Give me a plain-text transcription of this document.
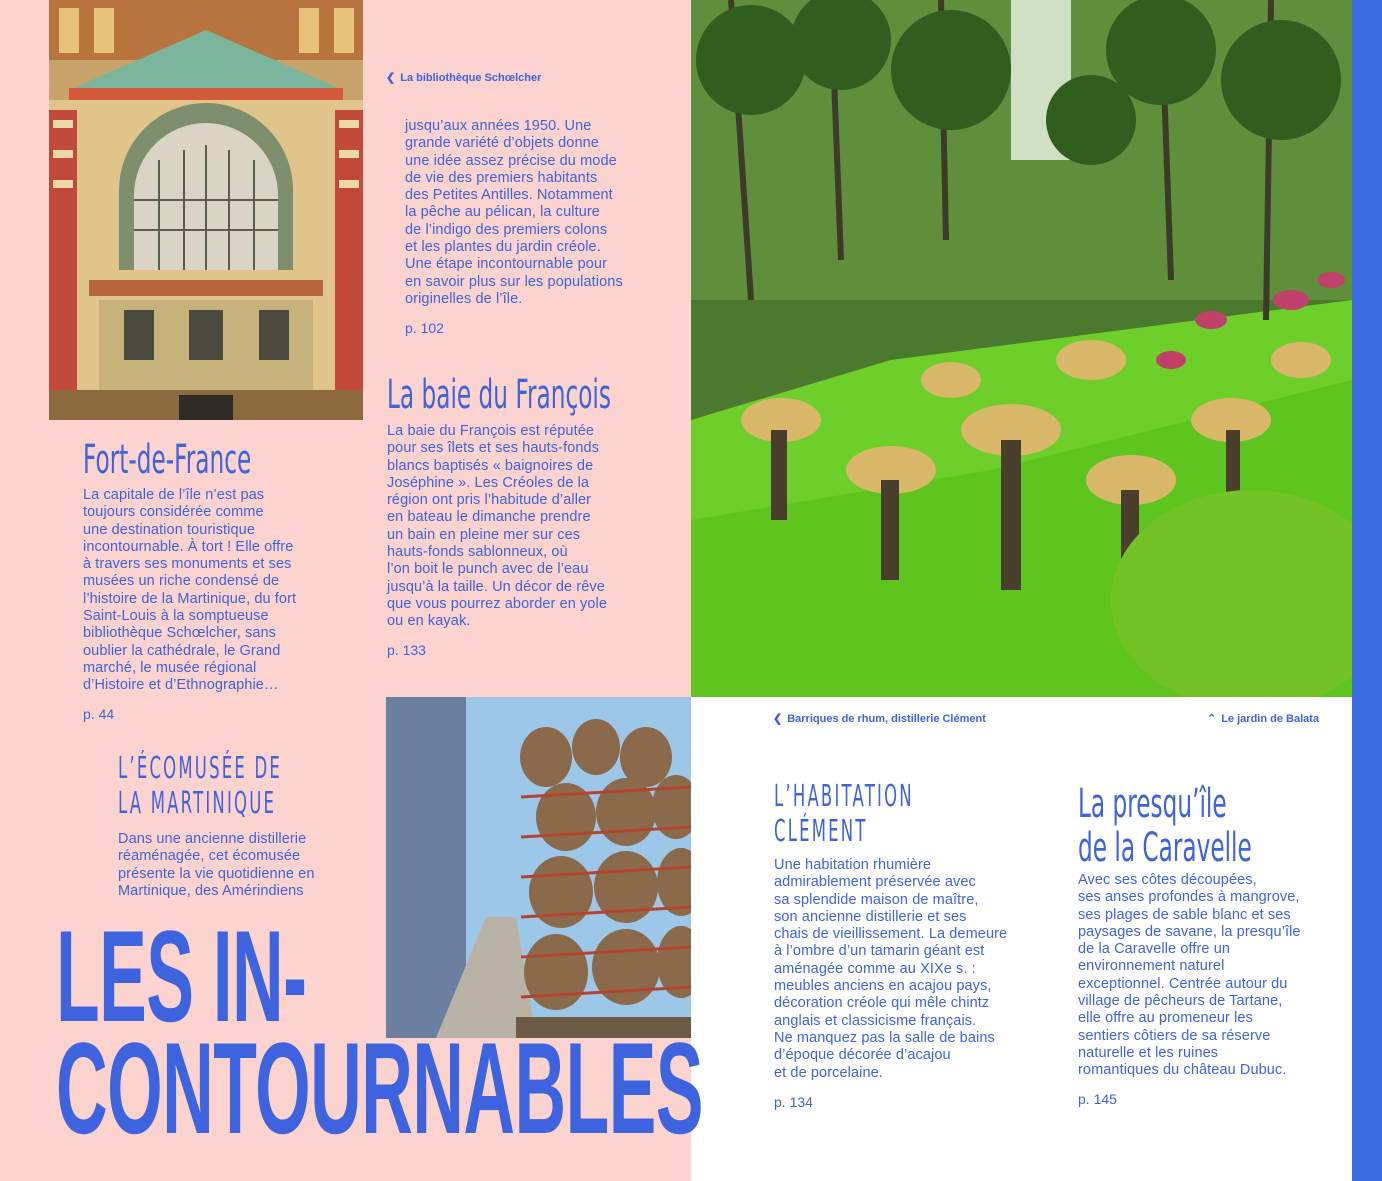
❮ La bibliothèque Schœlcher
❮ Barriques de rhum, distillerie Clément	⌃ Le jardin de Balata

jusqu’aux années 1950. Une
grande variété d’objets donne
une idée assez précise du mode
de vie des premiers habitants
des Petites Antilles. Notamment
la pêche au pélican, la culture
de l’indigo des premiers colons
et les plantes du jardin créole.
Une étape incontournable pour
en savoir plus sur les populations
originelles de l’île.

p. 102
Fort-de-France

La capitale de l’île n’est pas
toujours considérée comme
une destination touristique
incontournable. À tort ! Elle offre
à travers ses monuments et ses
musées un riche condensé de
l’histoire de la Martinique, du fort
Saint-Louis à la somptueuse
bibliothèque Schœlcher, sans
oublier la cathédrale, le Grand
marché, le musée régional
d’Histoire et d’Ethnographie…

p. 44
La baie du François

La baie du François est réputée
pour ses îlets et ses hauts-fonds
blancs baptisés « baignoires de
Joséphine ». Les Créoles de la
région ont pris l’habitude d’aller
en bateau le dimanche prendre
un bain en pleine mer sur ces
hauts-fonds sablonneux, où
l’on boit le punch avec de l’eau
jusqu’à la taille. Un décor de rêve
que vous pourrez aborder en yole
ou en kayak.

p. 133
L’ÉCOMUSÉE DE
LA MARTINIQUE

Dans une ancienne distillerie
réaménagée, cet écomusée
présente la vie quotidienne en
Martinique, des Amérindiens

L’HABITATION
CLÉMENT

Une habitation rhumière
admirablement préservée avec
sa splendide maison de maître,
son ancienne distillerie et ses
chais de vieillissement. La demeure
à l’ombre d’un tamarin géant est
aménagée comme au XIXe s. :
meubles anciens en acajou pays,
décoration créole qui mêle chintz
anglais et classicisme français.
Ne manquez pas la salle de bains
d’époque décorée d’acajou
et de porcelaine.

p. 134
La presqu’île
de la Caravelle

Avec ses côtes découpées,
ses anses profondes à mangrove,
ses plages de sable blanc et ses
paysages de savane, la presqu’île
de la Caravelle offre un
environnement naturel
exceptionnel. Centrée autour du
village de pêcheurs de Tartane,
elle offre au promeneur les
sentiers côtiers de sa réserve
naturelle et les ruines
romantiques du château Dubuc.

p. 145
LES IN-
CONTOURNABLES
